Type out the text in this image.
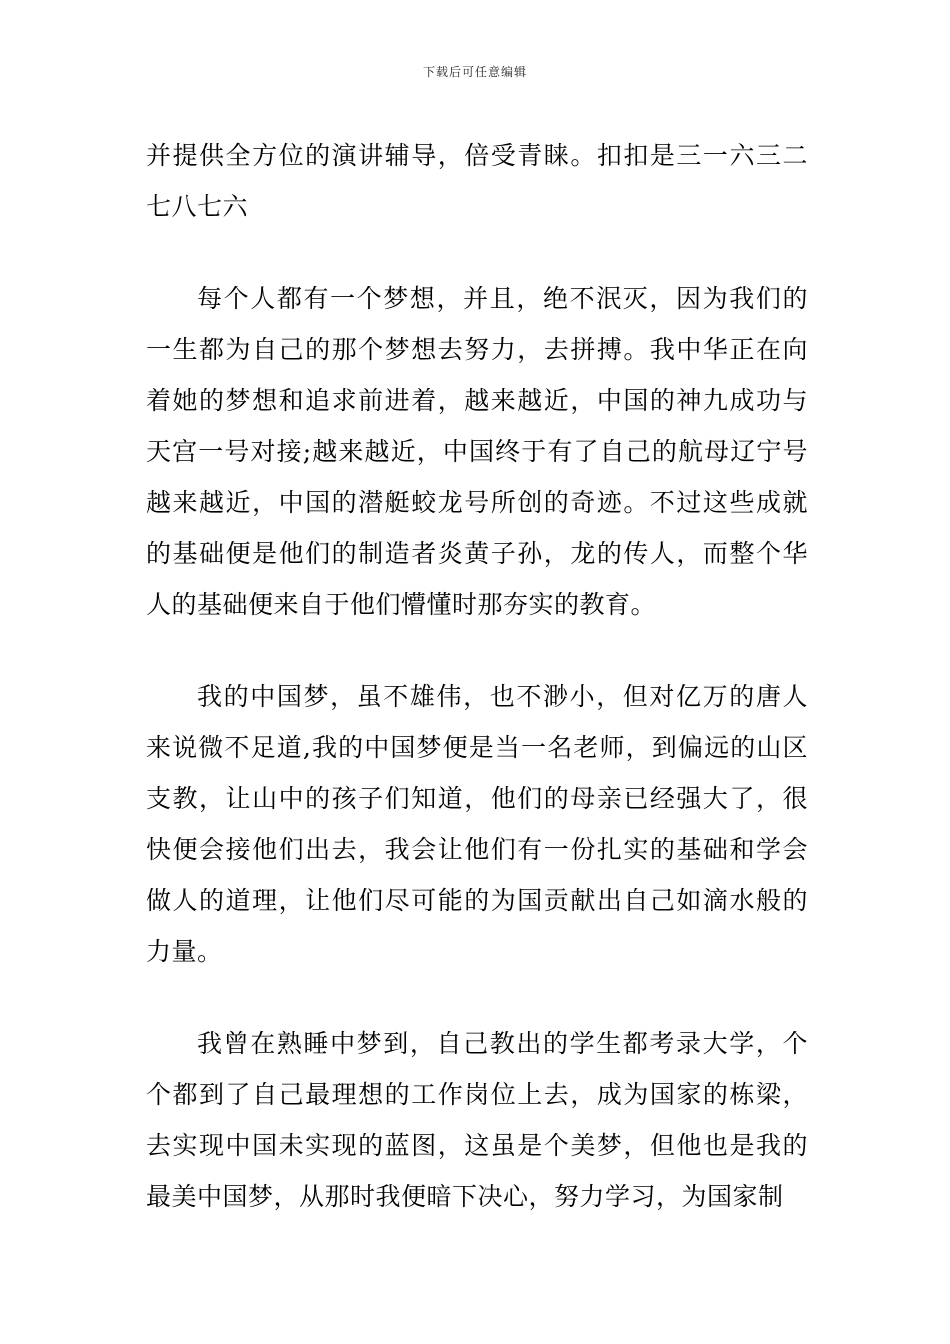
下载后可任意编辑

并提供全方位的演讲辅导，倍受青睐。扣扣是三一六三二七八七六

每个人都有一个梦想，并且，绝不泯灭，因为我们的一生都为自己的那个梦想去努力，去拼搏。我中华正在向着她的梦想和追求前进着，越来越近，中国的神九成功与天宫一号对接;越来越近，中国终于有了自己的航母辽宁号越来越近，中国的潜艇蛟龙号所创的奇迹。不过这些成就的基础便是他们的制造者炎黄子孙，龙的传人，而整个华人的基础便来自于他们懵懂时那夯实的教育。

我的中国梦，虽不雄伟，也不渺小，但对亿万的唐人来说微不足道,我的中国梦便是当一名老师，到偏远的山区支教，让山中的孩子们知道，他们的母亲已经强大了，很快便会接他们出去，我会让他们有一份扎实的基础和学会做人的道理，让他们尽可能的为国贡献出自己如滴水般的力量。

我曾在熟睡中梦到，自己教出的学生都考录大学，个个都到了自己最理想的工作岗位上去，成为国家的栋梁，去实现中国未实现的蓝图，这虽是个美梦，但他也是我的最美中国梦，从那时我便暗下决心，努力学习，为国家制
